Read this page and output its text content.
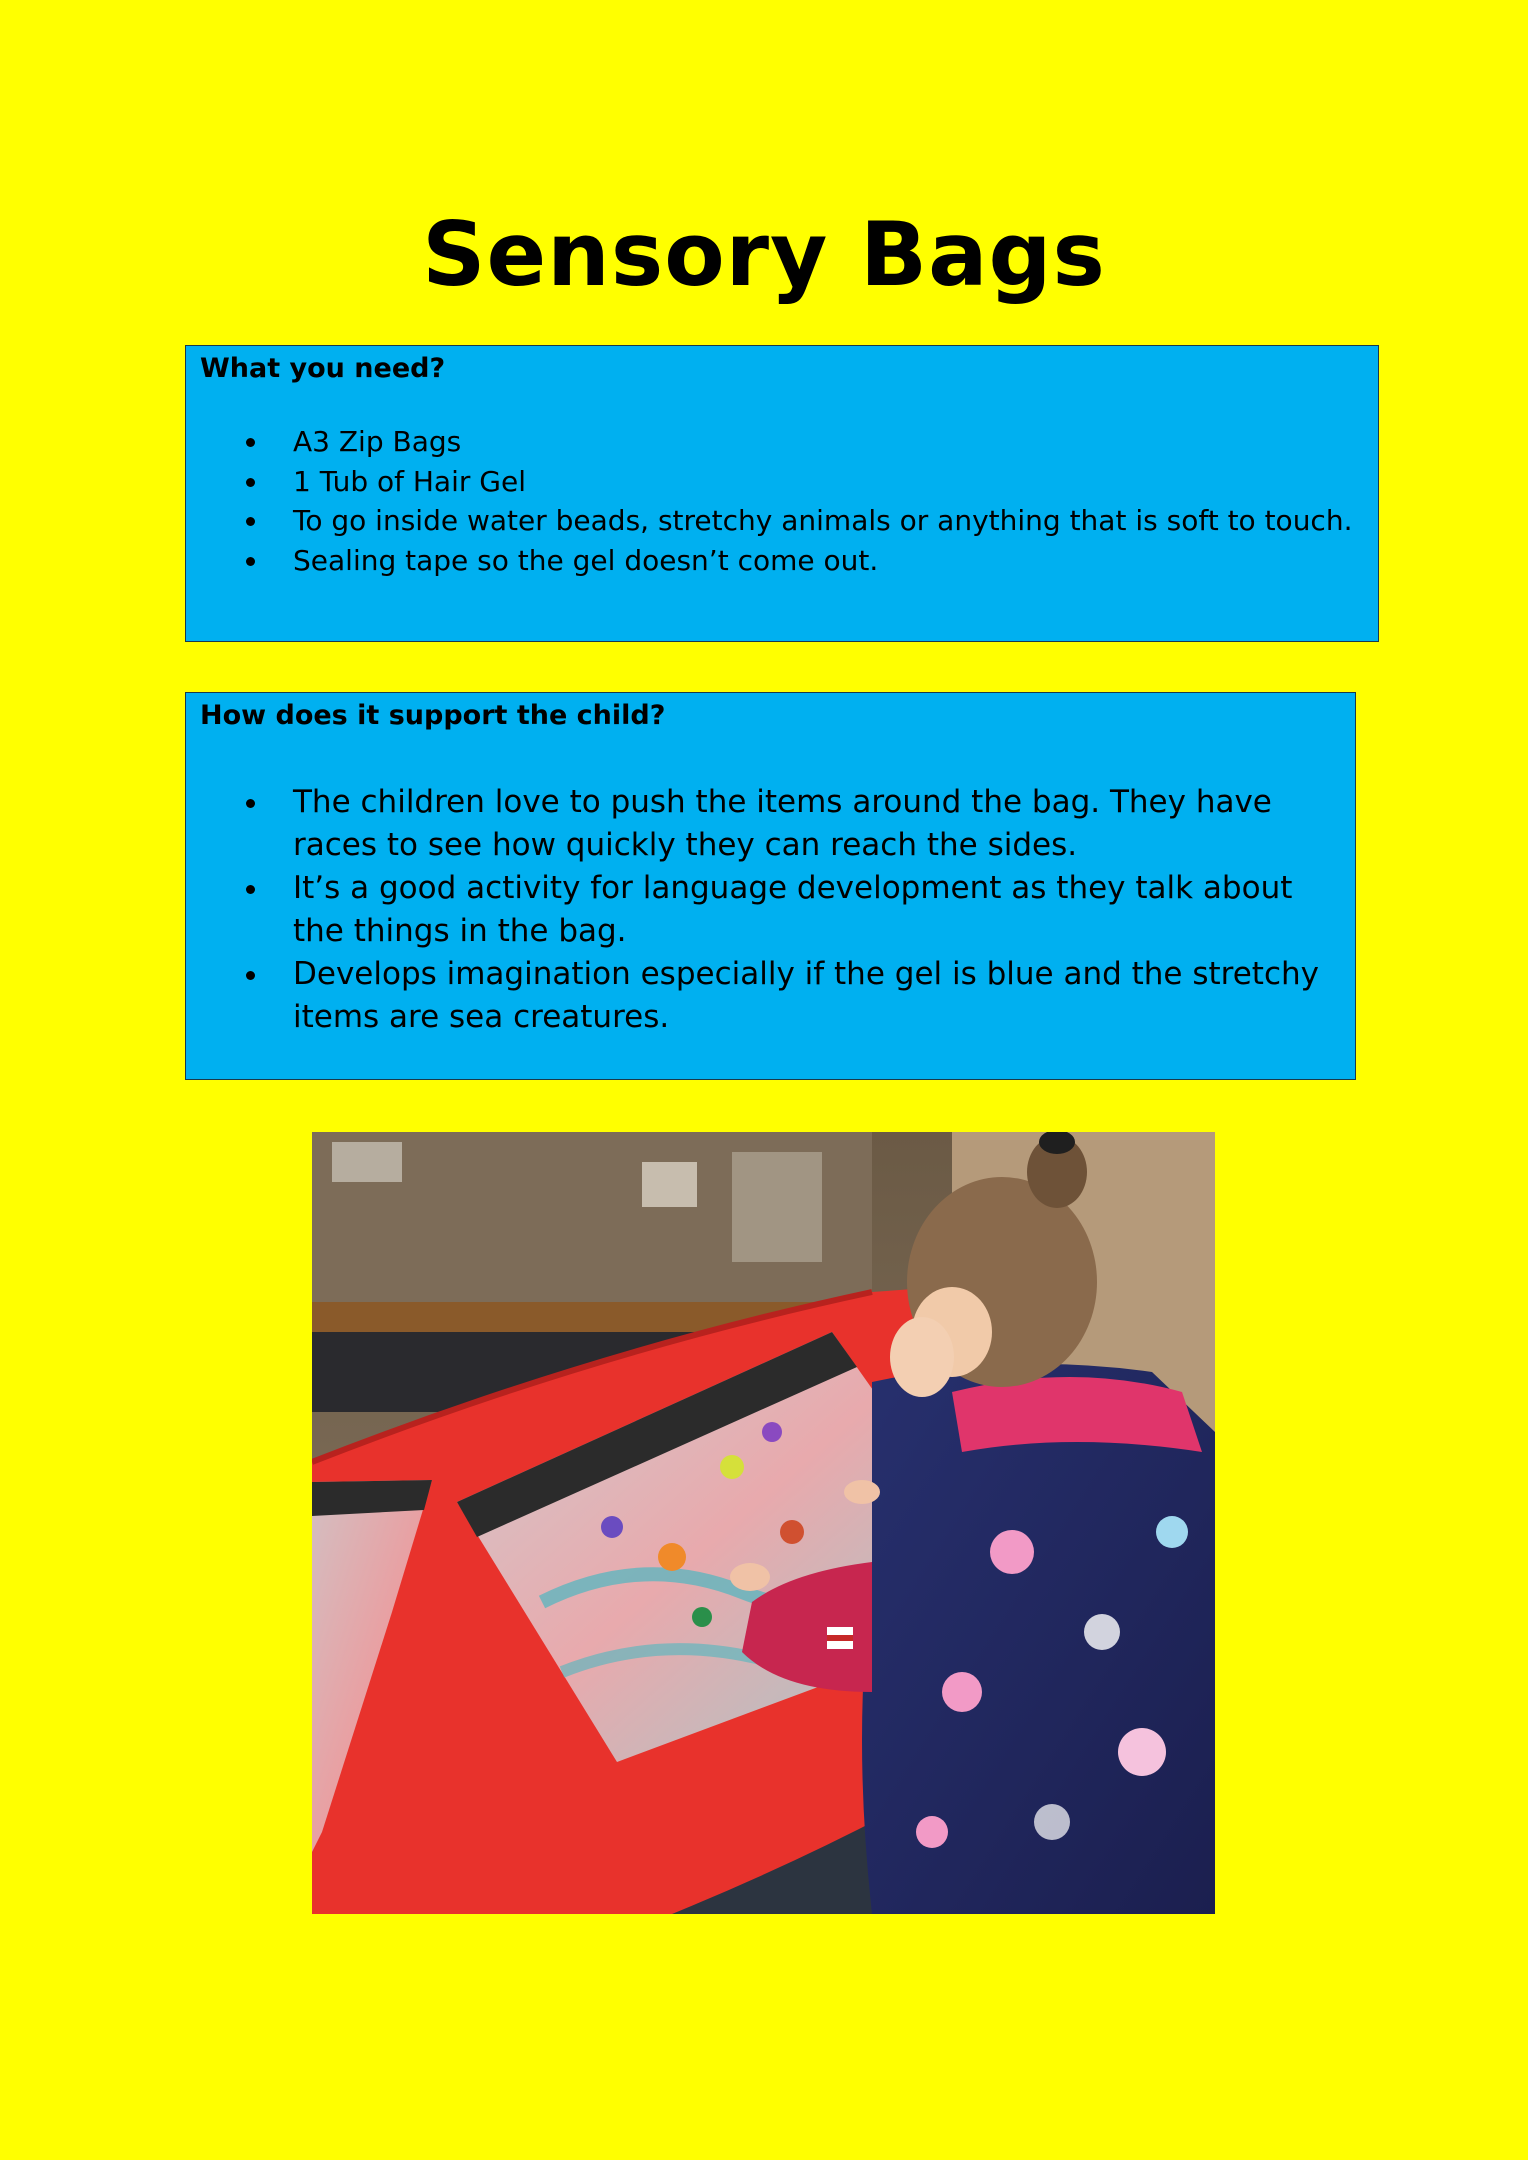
Sensory Bags
What you need?
A3 Zip Bags
1 Tub of Hair Gel
To go inside water beads, stretchy animals or anything that is soft to touch.
Sealing tape so the gel doesn’t come out.
How does it support the child?
The children love to push the items around the bag. They have races to see how quickly they can reach the sides.
It’s a good activity for language development as they talk about the things in the bag.
Develops imagination especially if the gel is blue and the stretchy items are sea creatures.
